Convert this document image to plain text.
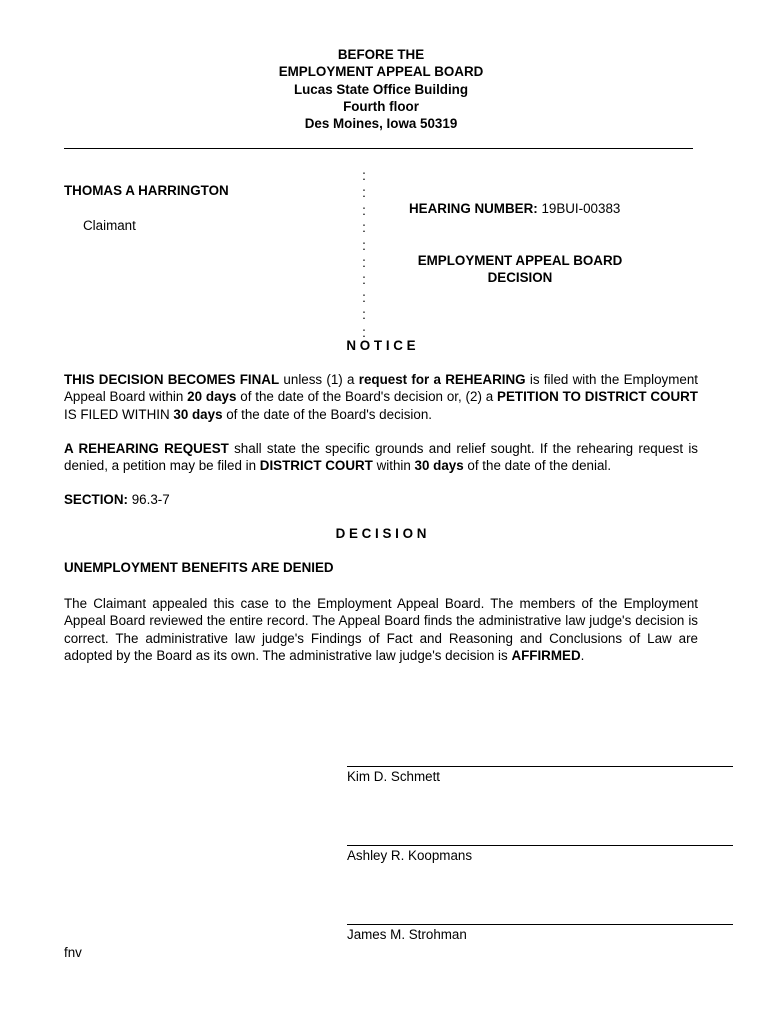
BEFORE THE
EMPLOYMENT APPEAL BOARD
Lucas State Office Building
Fourth floor
Des Moines, Iowa 50319
THOMAS A HARRINGTON
Claimant
:
:
:
:
:
:
:
:
:
:
HEARING NUMBER: 19BUI-00383
EMPLOYMENT APPEAL BOARD
DECISION
N O T I C E
THIS DECISION BECOMES FINAL unless (1) a request for a REHEARING is filed with the Employment Appeal Board within 20 days of the date of the Board's decision or, (2) a PETITION TO DISTRICT COURT IS FILED WITHIN 30 days of the date of the Board's decision.
A REHEARING REQUEST shall state the specific grounds and relief sought. If the rehearing request is denied, a petition may be filed in DISTRICT COURT within 30 days of the date of the denial.
SECTION: 96.3-7
D E C I S I O N
UNEMPLOYMENT BENEFITS ARE DENIED
The Claimant appealed this case to the Employment Appeal Board. The members of the Employment Appeal Board reviewed the entire record. The Appeal Board finds the administrative law judge's decision is correct. The administrative law judge's Findings of Fact and Reasoning and Conclusions of Law are adopted by the Board as its own. The administrative law judge's decision is AFFIRMED.
Kim D. Schmett
Ashley R. Koopmans
James M. Strohman
fnv
